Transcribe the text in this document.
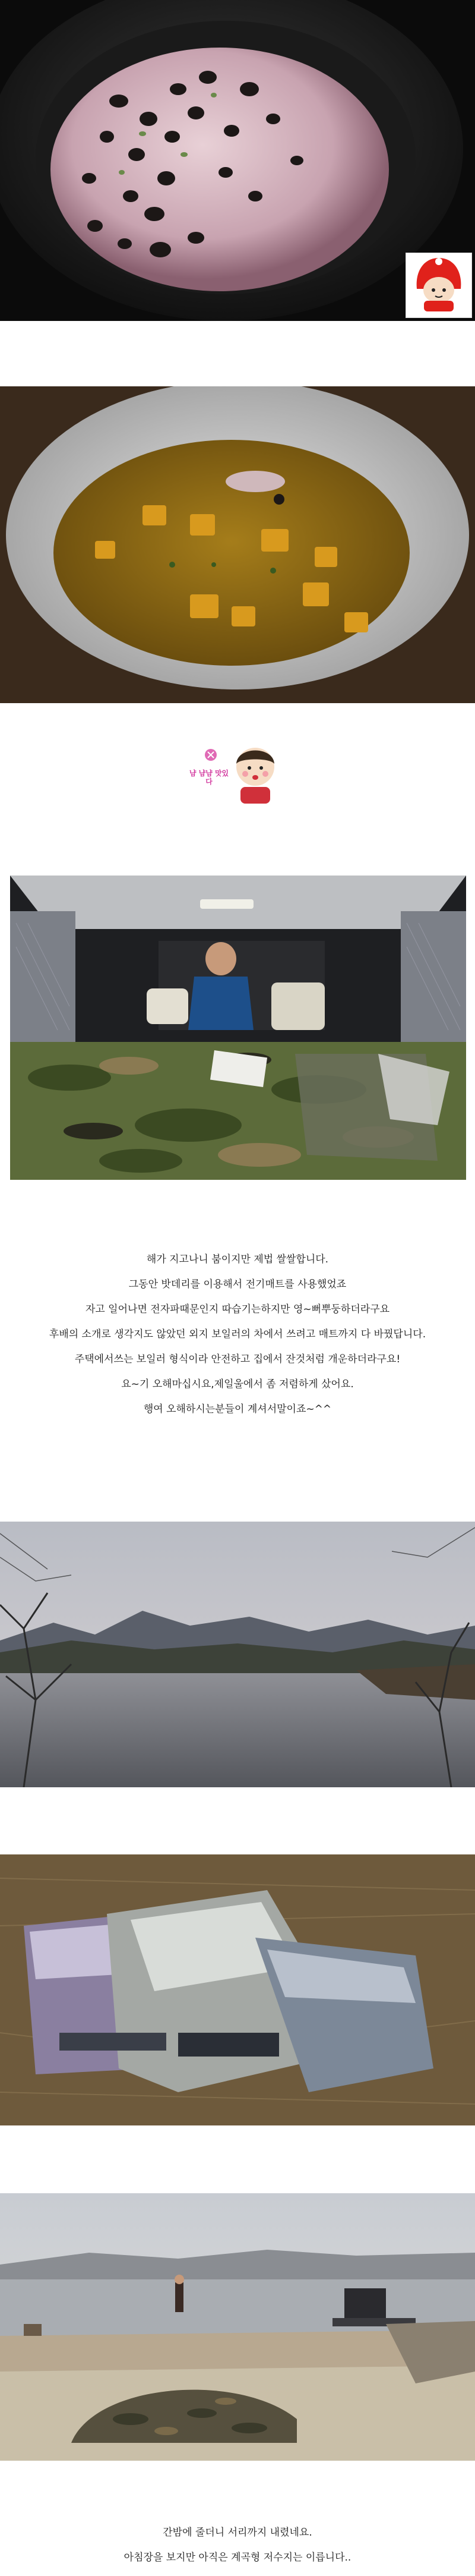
냠 냠냠 맛있다

해가 지고나니 붐이지만 제법 쌀쌀합니다.

그동안 밧데리를 이용해서 전기매트를 사용했었죠

자고 일어나면 전자파때문인지 따습기는하지만 영~뻐뿌둥하더라구요

후배의 소개로 생각지도 않았던 외지 보일러의 차에서 쓰려고 매트까지 다 바꿨답니다.

주택에서쓰는 보일러 형식이라 안전하고 집에서 잔것처럼 개운하더라구요!

요~기 오해마십시요,제일울에서 좀 저렴하게 샀어요.

행여 오해하시는분들이 계셔서말이죠~^^

간밤에 줄더니 서리까지 내렸네요.

아침장을 보지만 아직은 계곡형 저수지는 이릅니다..
